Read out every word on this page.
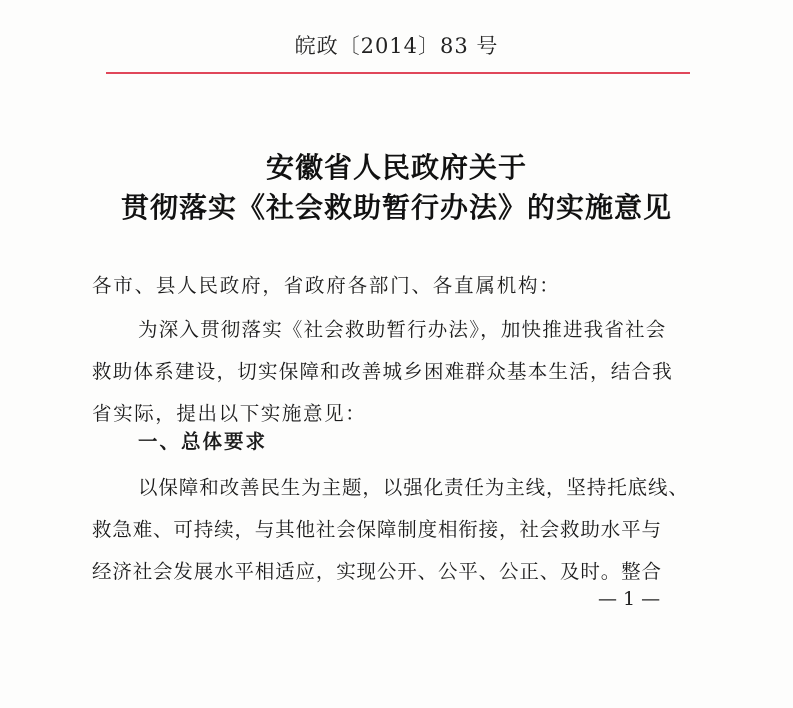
皖政〔2014〕83 号
安徽省人民政府关于
贯彻落实《社会救助暂行办法》的实施意见
各市、县人民政府，省政府各部门、各直属机构：
为深入贯彻落实《社会救助暂行办法》，加快推进我省社会
救助体系建设，切实保障和改善城乡困难群众基本生活，结合我
省实际，提出以下实施意见：
一、总体要求
以保障和改善民生为主题，以强化责任为主线，坚持托底线、
救急难、可持续，与其他社会保障制度相衔接，社会救助水平与
经济社会发展水平相适应，实现公开、公平、公正、及时。整合
— 1 —
